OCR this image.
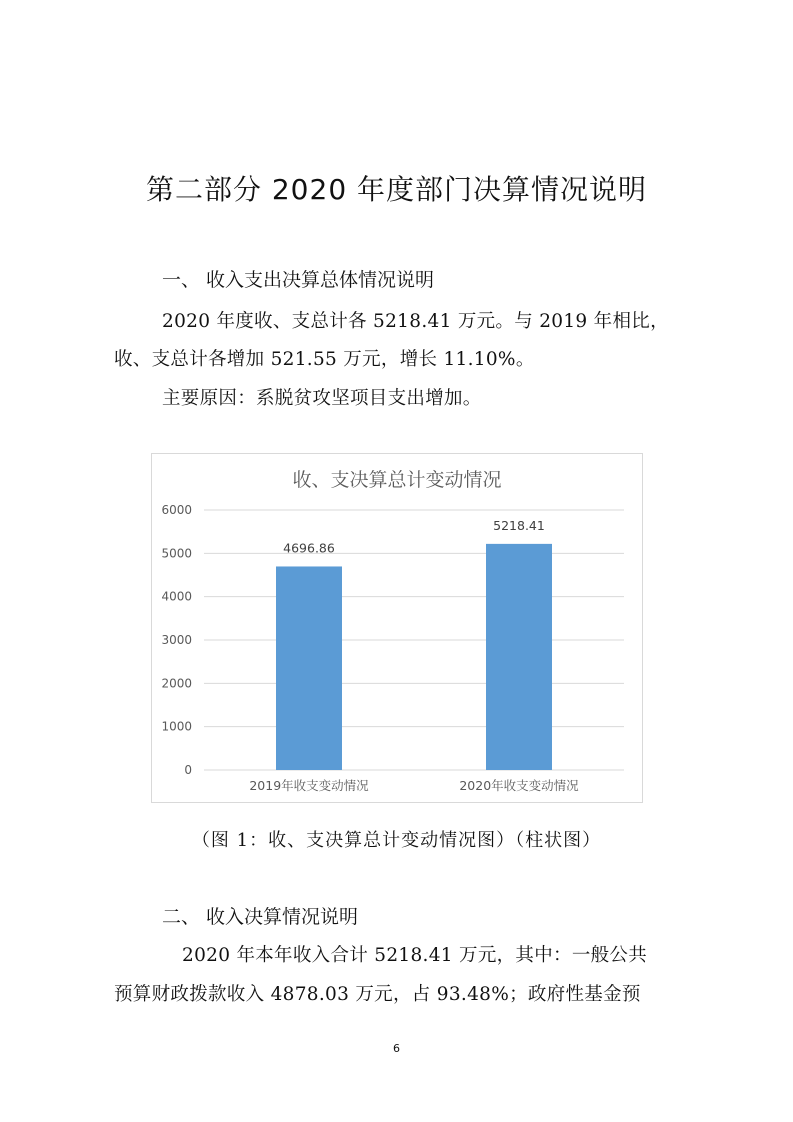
第二部分 2020 年度部门决算情况说明
一、 收入支出决算总体情况说明
2020 年度收、支总计各 5218.41 万元。与 2019 年相比，
收、支总计各增加 521.55 万元，增长 11.10%。
主要原因：系脱贫攻坚项目支出增加。
收、支决算总计变动情况
0
1000
2000
3000
4000
5000
6000
4696.86
5218.41
2019年收支变动情况	2020年收支变动情况
（图 1：收、支决算总计变动情况图）（柱状图）
二、 收入决算情况说明
2020 年本年收入合计 5218.41 万元，其中：一般公共
预算财政拨款收入 4878.03 万元，占 93.48%；政府性基金预
6
